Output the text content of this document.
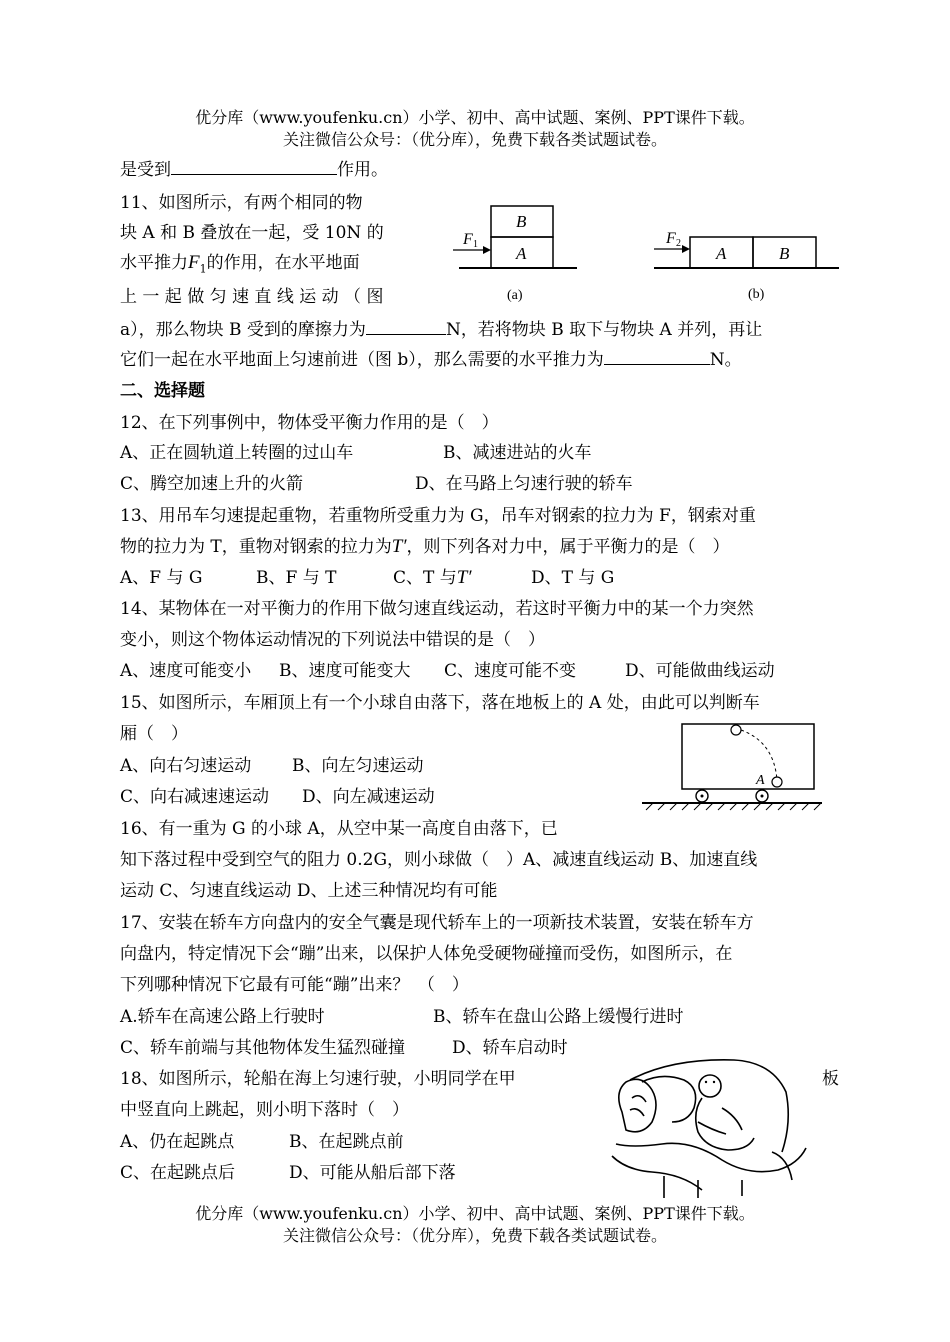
优分库（www.youfenku.cn）小学、初中、高中试题、案例、PPT课件下载。
关注微信公众号：（优分库），免费下载各类试题试卷。
是受到	作用。
11、如图所示，有两个相同的物
块 A 和 B 叠放在一起，受 10N 的
水平推力$F_1$的作用，在水平地面
上 一 起 做 匀 速 直 线 运 动 （ 图
a），那么物块 B 受到的摩擦力为	N，若将物块 B 取下与物块 A 并列，再让
它们一起在水平地面上匀速前进（图 b），那么需要的水平推力为	N。
B
A
F 1
(a)
A	B
F 2
(b)
二、选择题
12、在下列事例中，物体受平衡力作用的是（　）
A、正在圆轨道上转圈的过山车	B、减速进站的火车
C、腾空加速上升的火箭	D、在马路上匀速行驶的轿车
13、用吊车匀速提起重物，若重物所受重力为 G，吊车对钢索的拉力为 F，钢索对重
物的拉力为 T，重物对钢索的拉力为T′，则下列各对力中，属于平衡力的是（　）
A、F 与 G	B、F 与 T	C、T 与T′	D、T 与 G
14、某物体在一对平衡力的作用下做匀速直线运动，若这时平衡力中的某一个力突然
变小，则这个物体运动情况的下列说法中错误的是（　）
A、速度可能变小 B、速度可能变大 C、速度可能不变	D、可能做曲线运动
15、如图所示，车厢顶上有一个小球自由落下，落在地板上的 A 处，由此可以判断车
厢（　）
A、向右匀速运动 B、向左匀速运动
C、向右减速速运动 D、向左减速运动
A
16、有一重为 G 的小球 A，从空中某一高度自由落下，已
知下落过程中受到空气的阻力 0.2G，则小球做（　）A、减速直线运动 B、加速直线
运动 C、匀速直线运动 D、上述三种情况均有可能
17、安装在轿车方向盘内的安全气囊是现代轿车上的一项新技术装置，安装在轿车方
向盘内，特定情况下会“蹦”出来，以保护人体免受硬物碰撞而受伤，如图所示，在
下列哪种情况下它最有可能“蹦”出来？　（　）
A.轿车在高速公路上行驶时	B、轿车在盘山公路上缓慢行进时
C、轿车前端与其他物体发生猛烈碰撞	D、轿车启动时
18、如图所示，轮船在海上匀速行驶，小明同学在甲	板
中竖直向上跳起，则小明下落时（　）
A、仍在起跳点	B、在起跳点前
C、在起跳点后	D、可能从船后部下落
优分库（www.youfenku.cn）小学、初中、高中试题、案例、PPT课件下载。
关注微信公众号：（优分库），免费下载各类试题试卷。
